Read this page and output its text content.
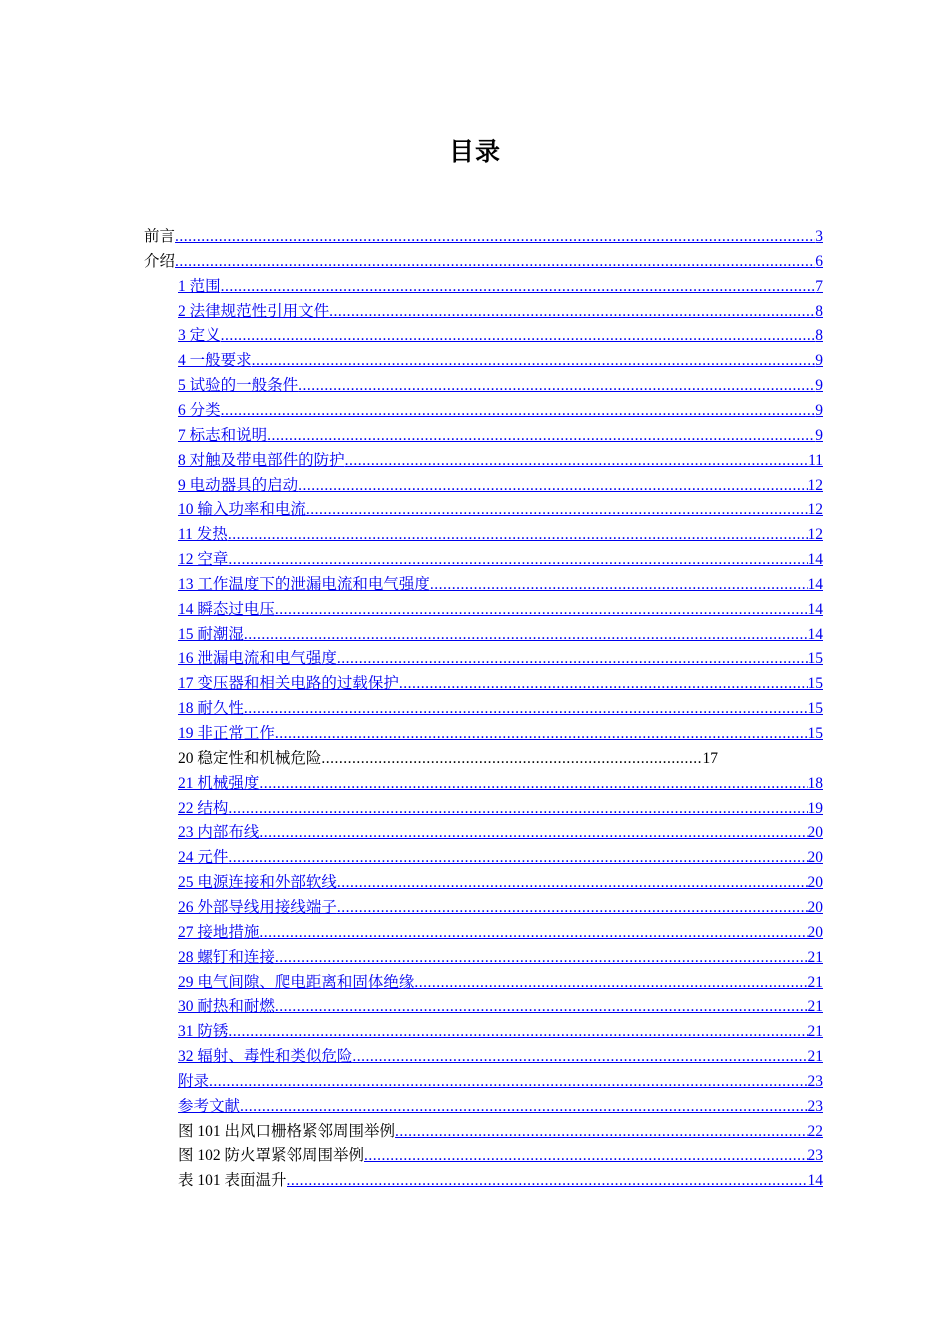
目录
前言 .....	3
介绍 .....	6
1 范围 .....	7
2 法律规范性引用文件 .....	8
3 定义 .....	8
4 一般要求 .....	9
5 试验的一般条件 .....	9
6 分类 .....	9
7 标志和说明 .....	9
8 对触及带电部件的防护 .....	11
9 电动器具的启动 .....	12
10 输入功率和电流 .....	12
11 发热 .....	12
12 空章 .....	14
13 工作温度下的泄漏电流和电气强度 .....	14
14 瞬态过电压 .....	14
15 耐潮湿 .....	14
16 泄漏电流和电气强度 .....	15
17 变压器和相关电路的过载保护 .....	15
18 耐久性 .....	15
19 非正常工作 .....	15
20 稳定性和机械危险 .....	17
21 机械强度 .....	18
22 结构 .....	19
23 内部布线 .....	20
24 元件 .....	20
25 电源连接和外部软线 .....	20
26 外部导线用接线端子 .....	20
27 接地措施 .....	20
28 螺钉和连接 .....	21
29 电气间隙、爬电距离和固体绝缘 .....	21
30 耐热和耐燃 .....	21
31 防锈 .....	21
32 辐射、毒性和类似危险 .....	21
附录 .....	23
参考文献 .....	23
图 101 出风口栅格紧邻周围举例 .....	22
图 102 防火罩紧邻周围举例 .....	23
表 101 表面温升 .....	14
